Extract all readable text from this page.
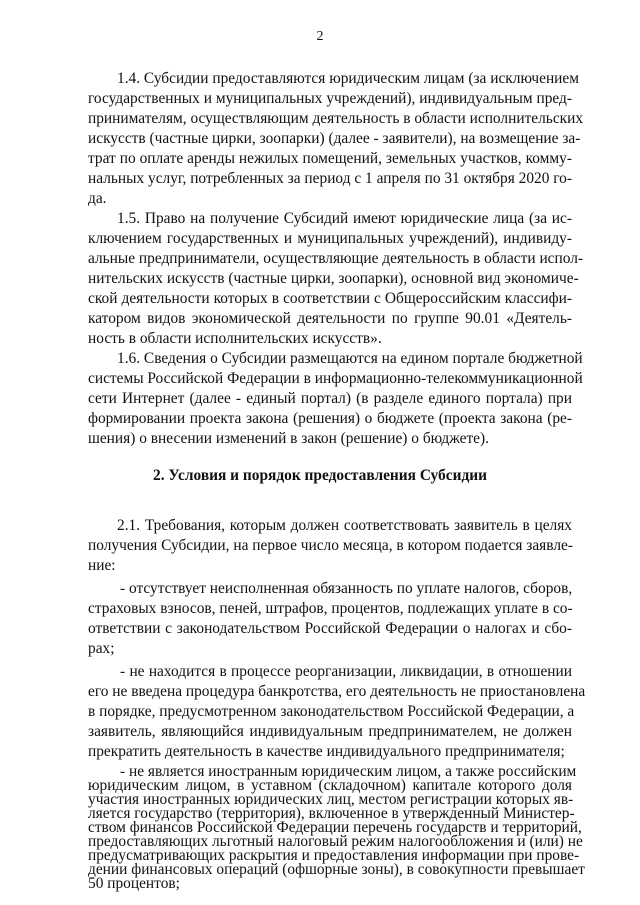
2
1.4. Субсидии предоставляются юридическим лицам (за исключением
государственных и муниципальных учреждений), индивидуальным пред-
принимателям, осуществляющим деятельность в области исполнительских
искусств (частные цирки, зоопарки) (далее - заявители), на возмещение за-
трат по оплате аренды нежилых помещений, земельных участков, комму-
нальных услуг, потребленных за период с 1 апреля по 31 октября 2020 го-
да.
1.5. Право на получение Субсидий имеют юридические лица (за ис-
ключением государственных и муниципальных учреждений), индивиду-
альные предприниматели, осуществляющие деятельность в области испол-
нительских искусств (частные цирки, зоопарки), основной вид экономиче-
ской деятельности которых в соответствии с Общероссийским классифи-
катором видов экономической деятельности по группе 90.01 «Деятель-
ность в области исполнительских искусств».
1.6. Сведения о Субсидии размещаются на едином портале бюджетной
системы Российской Федерации в информационно-телекоммуникационной
сети Интернет (далее - единый портал) (в разделе единого портала) при
формировании проекта закона (решения) о бюджете (проекта закона (ре-
шения) о внесении изменений в закон (решение) о бюджете).
2. Условия и порядок предоставления Субсидии
2.1. Требования, которым должен соответствовать заявитель в целях
получения Субсидии, на первое число месяца, в котором подается заявле-
ние:
- отсутствует неисполненная обязанность по уплате налогов, сборов,
страховых взносов, пеней, штрафов, процентов, подлежащих уплате в со-
ответствии с законодательством Российской Федерации о налогах и сбо-
рах;
- не находится в процессе реорганизации, ликвидации, в отношении
его не введена процедура банкротства, его деятельность не приостановлена
в порядке, предусмотренном законодательством Российской Федерации, а
заявитель, являющийся индивидуальным предпринимателем, не должен
прекратить деятельность в качестве индивидуального предпринимателя;
- не является иностранным юридическим лицом, а также российским
юридическим лицом, в уставном (складочном) капитале которого доля
участия иностранных юридических лиц, местом регистрации которых яв-
ляется государство (территория), включенное в утвержденный Министер-
ством финансов Российской Федерации перечень государств и территорий,
предоставляющих льготный налоговый режим налогообложения и (или) не
предусматривающих раскрытия и предоставления информации при прове-
дении финансовых операций (офшорные зоны), в совокупности превышает
50 процентов;
